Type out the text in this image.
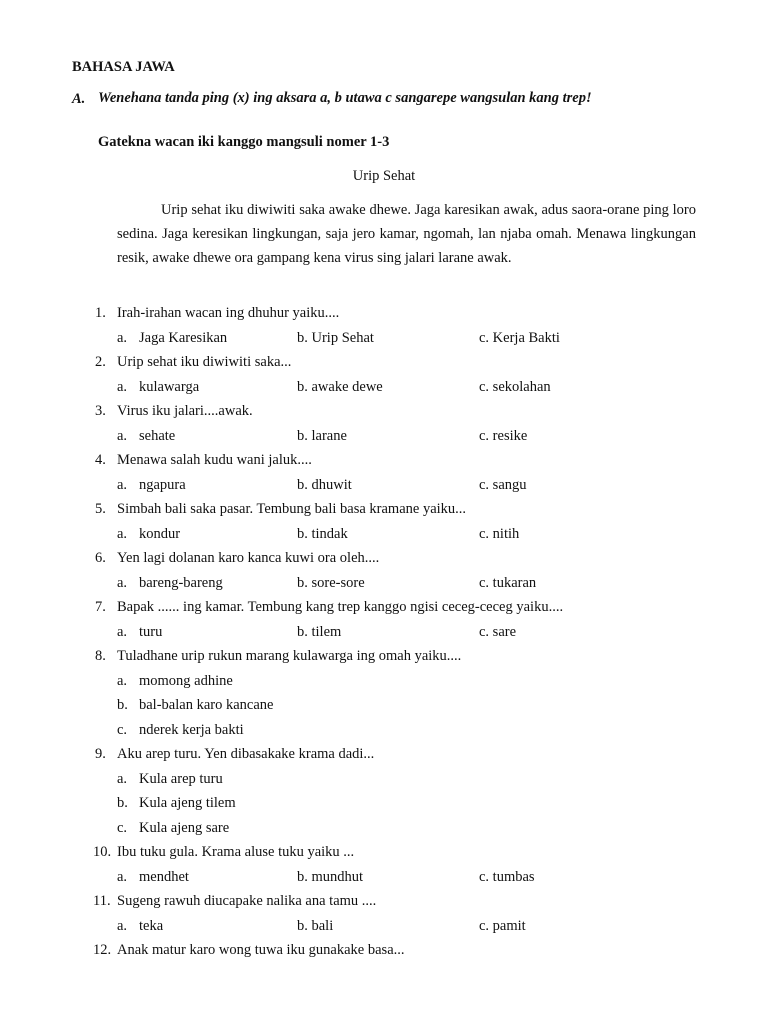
BAHASA JAWA
A. Wenehana tanda ping (x) ing aksara a, b utawa c sangarepe wangsulan kang trep!
Gatekna wacan iki kanggo mangsuli nomer 1-3
Urip Sehat
Urip sehat iku diwiwiti saka awake dhewe. Jaga karesikan awak, adus saora-orane ping loro sedina. Jaga keresikan lingkungan, saja jero kamar, ngomah, lan njaba omah. Menawa lingkungan resik, awake dhewe ora gampang kena virus sing jalari larane awak.
1. Irah-irahan wacan ing dhuhur yaiku....
a. Jaga Karesikan	b. Urip Sehat	c. Kerja Bakti
2. Urip sehat iku diwiwiti saka...
a. kulawarga	b. awake dewe	c. sekolahan
3. Virus iku jalari....awak.
a. sehate	b. larane	c. resike
4. Menawa salah kudu wani jaluk....
a. ngapura	b. dhuwit	c. sangu
5. Simbah bali saka pasar. Tembung bali basa kramane yaiku...
a. kondur	b. tindak	c. nitih
6. Yen lagi dolanan karo kanca kuwi ora oleh....
a. bareng-bareng	b. sore-sore	c. tukaran
7. Bapak ...... ing kamar. Tembung kang trep kanggo ngisi ceceg-ceceg yaiku....
a. turu	b. tilem	c. sare
8. Tuladhane urip rukun marang kulawarga ing omah yaiku....
a. momong adhine
b. bal-balan karo kancane
c. nderek kerja bakti
9. Aku arep turu. Yen dibasakake krama dadi...
a. Kula arep turu
b. Kula ajeng tilem
c. Kula ajeng sare
10. Ibu tuku gula. Krama aluse tuku yaiku ...
a. mendhet	b. mundhut	c. tumbas
11. Sugeng rawuh diucapake nalika ana tamu ....
a. teka	b. bali	c. pamit
12. Anak matur karo wong tuwa iku gunakake basa...
